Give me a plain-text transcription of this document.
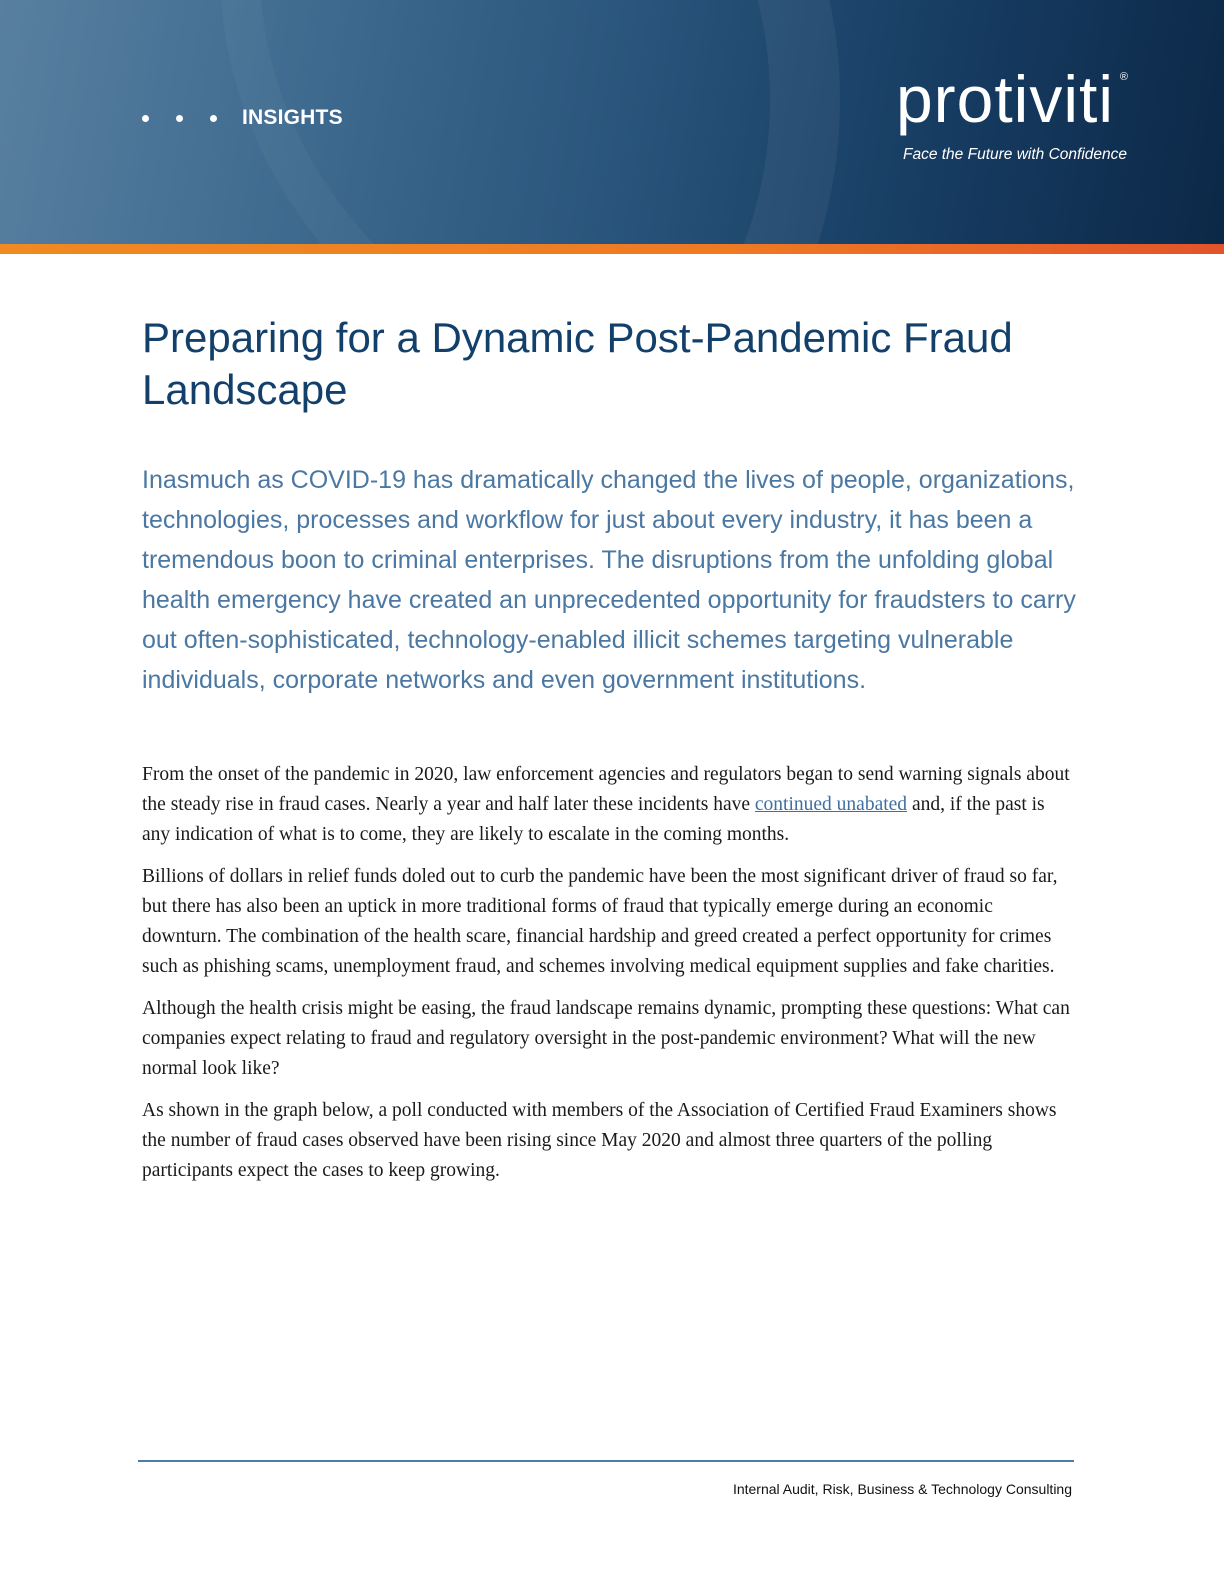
INSIGHTS	protiviti ®
Face the Future with Confidence
Preparing for a Dynamic Post-Pandemic Fraud Landscape

Inasmuch as COVID-19 has dramatically changed the lives of people, organizations, technologies, processes and workflow for just about every industry, it has been a tremendous boon to criminal enterprises. The disruptions from the unfolding global health emergency have created an unprecedented opportunity for fraudsters to carry out often-sophisticated, technology-enabled illicit schemes targeting vulnerable individuals, corporate networks and even government institutions.

From the onset of the pandemic in 2020, law enforcement agencies and regulators began to send warning signals about the steady rise in fraud cases. Nearly a year and half later these incidents have continued unabated and, if the past is any indication of what is to come, they are likely to escalate in the coming months.

Billions of dollars in relief funds doled out to curb the pandemic have been the most significant driver of fraud so far, but there has also been an uptick in more traditional forms of fraud that typically emerge during an economic downturn. The combination of the health scare, financial hardship and greed created a perfect opportunity for crimes such as phishing scams, unemployment fraud, and schemes involving medical equipment supplies and fake charities.

Although the health crisis might be easing, the fraud landscape remains dynamic, prompting these questions: What can companies expect relating to fraud and regulatory oversight in the post-pandemic environment? What will the new normal look like?

As shown in the graph below, a poll conducted with members of the Association of Certified Fraud Examiners shows the number of fraud cases observed have been rising since May 2020 and almost three quarters of the polling participants expect the cases to keep growing.

Internal Audit, Risk, Business & Technology Consulting
